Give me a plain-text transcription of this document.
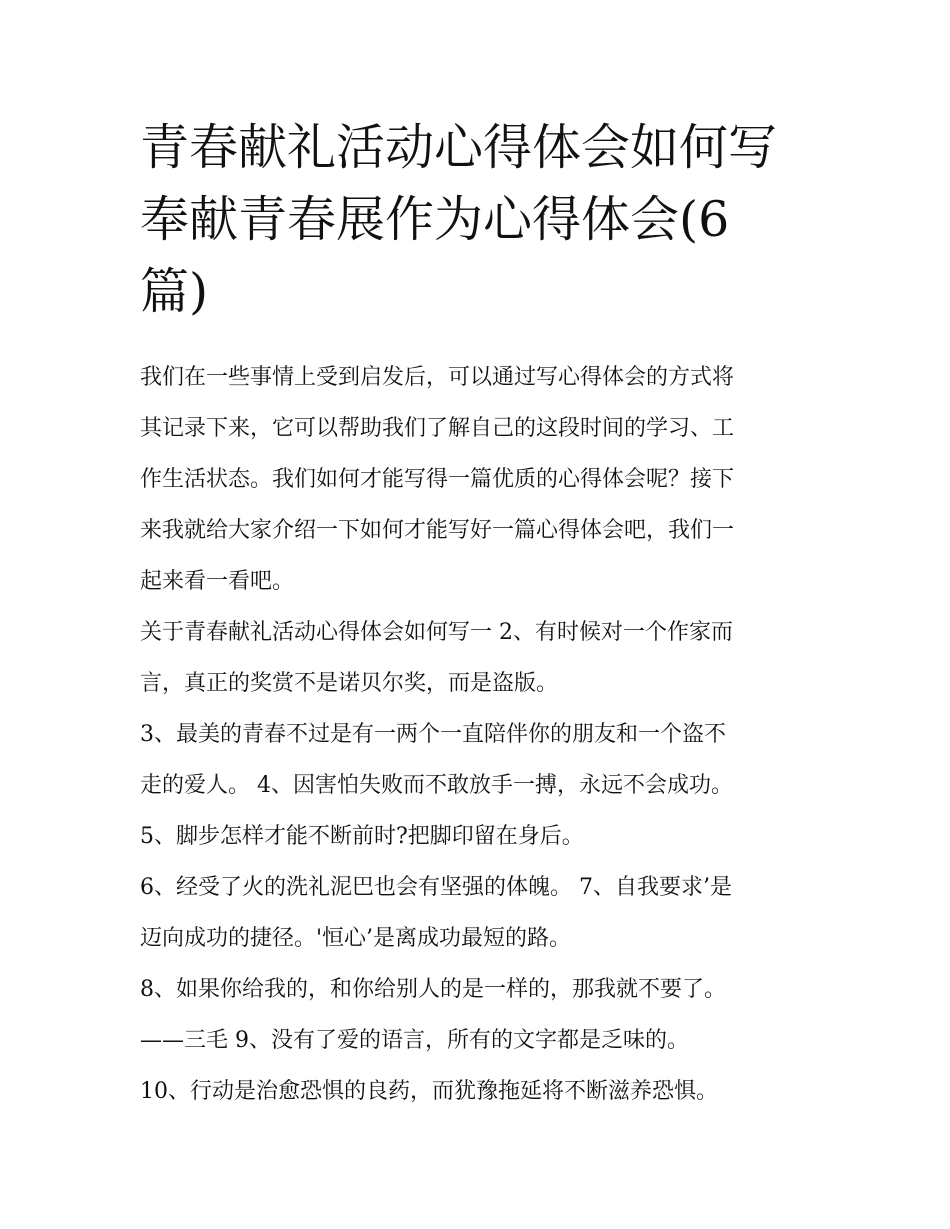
青春献礼活动心得体会如何写
奉献青春展作为心得体会(6
篇)

我们在一些事情上受到启发后，可以通过写心得体会的方式将

其记录下来，它可以帮助我们了解自己的这段时间的学习、工

作生活状态。我们如何才能写得一篇优质的心得体会呢？接下

来我就给大家介绍一下如何才能写好一篇心得体会吧，我们一

起来看一看吧。

关于青春献礼活动心得体会如何写一 2、有时候对一个作家而

言，真正的奖赏不是诺贝尔奖，而是盗版。

3、最美的青春不过是有一两个一直陪伴你的朋友和一个盗不

走的爱人。 4、因害怕失败而不敢放手一搏，永远不会成功。

5、脚步怎样才能不断前时?把脚印留在身后。

6、经受了火的洗礼泥巴也会有坚强的体魄。 7、自我要求’是

迈向成功的捷径。'恒心’是离成功最短的路。

8、如果你给我的，和你给别人的是一样的，那我就不要了。

——三毛 9、没有了爱的语言，所有的文字都是乏味的。

10、行动是治愈恐惧的良药，而犹豫拖延将不断滋养恐惧。
